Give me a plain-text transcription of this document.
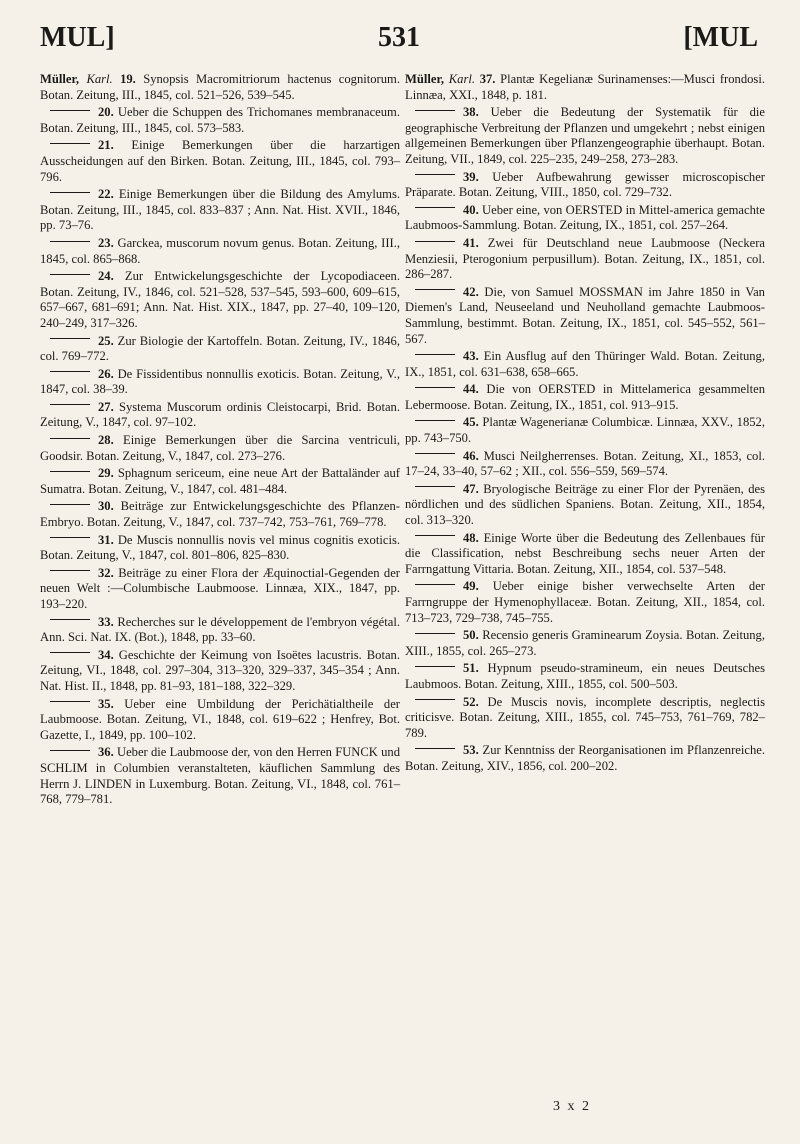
MUL]	531	[MUL
Müller, Karl. 19. Synopsis Macromitriorum hactenus cognitorum. Botan. Zeitung, III., 1845, col. 521–526, 539–545.
20. Ueber die Schuppen des Trichomanes membranaceum. Botan. Zeitung, III., 1845, col. 573–583.
21. Einige Bemerkungen über die harzartigen Ausscheidungen auf den Birken. Botan. Zeitung, III., 1845, col. 793–796.
22. Einige Bemerkungen über die Bildung des Amylums. Botan. Zeitung, III., 1845, col. 833–837 ; Ann. Nat. Hist. XVII., 1846, pp. 73–76.
23. Garckea, muscorum novum genus. Botan. Zeitung, III., 1845, col. 865–868.
24. Zur Entwickelungsgeschichte der Lycopodiaceen. Botan. Zeitung, IV., 1846, col. 521–528, 537–545, 593–600, 609–615, 657–667, 681–691; Ann. Nat. Hist. XIX., 1847, pp. 27–40, 109–120, 240–249, 317–326.
25. Zur Biologie der Kartoffeln. Botan. Zeitung, IV., 1846, col. 769–772.
26. De Fissidentibus nonnullis exoticis. Botan. Zeitung, V., 1847, col. 38–39.
27. Systema Muscorum ordinis Cleistocarpi, Brid. Botan. Zeitung, V., 1847, col. 97–102.
28. Einige Bemerkungen über die Sarcina ventriculi, Goodsir. Botan. Zeitung, V., 1847, col. 273–276.
29. Sphagnum sericeum, eine neue Art der Battaländer auf Sumatra. Botan. Zeitung, V., 1847, col. 481–484.
30. Beiträge zur Entwickelungsgeschichte des Pflanzen-Embryo. Botan. Zeitung, V., 1847, col. 737–742, 753–761, 769–778.
31. De Muscis nonnullis novis vel minus cognitis exoticis. Botan. Zeitung, V., 1847, col. 801–806, 825–830.
32. Beiträge zu einer Flora der Æquinoctial-Gegenden der neuen Welt :—Columbische Laubmoose. Linnæa, XIX., 1847, pp. 193–220.
33. Recherches sur le développement de l'embryon végétal. Ann. Sci. Nat. IX. (Bot.), 1848, pp. 33–60.
34. Geschichte der Keimung von Isoëtes lacustris. Botan. Zeitung, VI., 1848, col. 297–304, 313–320, 329–337, 345–354 ; Ann. Nat. Hist. II., 1848, pp. 81–93, 181–188, 322–329.
35. Ueber eine Umbildung der Perichätialtheile der Laubmoose. Botan. Zeitung, VI., 1848, col. 619–622 ; Henfrey, Bot. Gazette, I., 1849, pp. 100–102.
36. Ueber die Laubmoose der, von den Herren FUNCK und SCHLIM in Columbien veranstalteten, käuflichen Sammlung des Herrn J. LINDEN in Luxemburg. Botan. Zeitung, VI., 1848, col. 761–768, 779–781.
Müller, Karl. 37. Plantæ Kegelianæ Surinamenses:—Musci frondosi. Linnæa, XXI., 1848, p. 181.
38. Ueber die Bedeutung der Systematik für die geographische Verbreitung der Pflanzen und umgekehrt ; nebst einigen allgemeinen Bemerkungen über Pflanzengeographie überhaupt. Botan. Zeitung, VII., 1849, col. 225–235, 249–258, 273–283.
39. Ueber Aufbewahrung gewisser microscopischer Präparate. Botan. Zeitung, VIII., 1850, col. 729–732.
40. Ueber eine, von OERSTED in Mittel-america gemachte Laubmoos-Sammlung. Botan. Zeitung, IX., 1851, col. 257–264.
41. Zwei für Deutschland neue Laubmoose (Neckera Menziesii, Pterogonium perpusillum). Botan. Zeitung, IX., 1851, col. 286–287.
42. Die, von Samuel MOSSMAN im Jahre 1850 in Van Diemen's Land, Neuseeland und Neuholland gemachte Laubmoos-Sammlung, bestimmt. Botan. Zeitung, IX., 1851, col. 545–552, 561–567.
43. Ein Ausflug auf den Thüringer Wald. Botan. Zeitung, IX., 1851, col. 631–638, 658–665.
44. Die von OERSTED in Mittelamerica gesammelten Lebermoose. Botan. Zeitung, IX., 1851, col. 913–915.
45. Plantæ Wagenerianæ Columbicæ. Linnæa, XXV., 1852, pp. 743–750.
46. Musci Neilgherrenses. Botan. Zeitung, XI., 1853, col. 17–24, 33–40, 57–62 ; XII., col. 556–559, 569–574.
47. Bryologische Beiträge zu einer Flor der Pyrenäen, des nördlichen und des südlichen Spaniens. Botan. Zeitung, XII., 1854, col. 313–320.
48. Einige Worte über die Bedeutung des Zellenbaues für die Classification, nebst Beschreibung sechs neuer Arten der Farrngattung Vittaria. Botan. Zeitung, XII., 1854, col. 537–548.
49. Ueber einige bisher verwechselte Arten der Farrngruppe der Hymenophyllaceæ. Botan. Zeitung, XII., 1854, col. 713–723, 729–738, 745–755.
50. Recensio generis Graminearum Zoysia. Botan. Zeitung, XIII., 1855, col. 265–273.
51. Hypnum pseudo-stramineum, ein neues Deutsches Laubmoos. Botan. Zeitung, XIII., 1855, col. 500–503.
52. De Muscis novis, incomplete descriptis, neglectis criticisve. Botan. Zeitung, XIII., 1855, col. 745–753, 761–769, 782–789.
53. Zur Kenntniss der Reorganisationen im Pflanzenreiche. Botan. Zeitung, XIV., 1856, col. 200–202.
3 x 2
